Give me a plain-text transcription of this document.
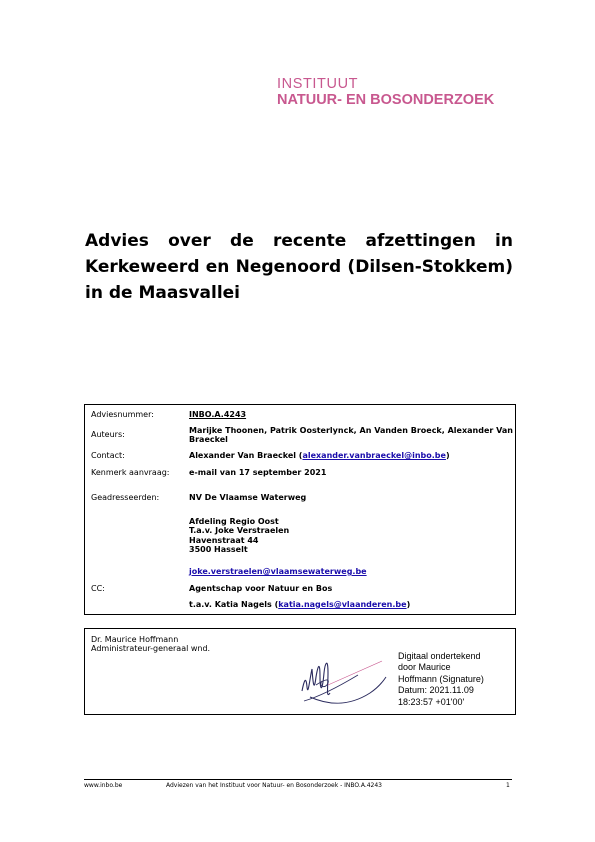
INSTITUUT
NATUUR- EN BOSONDERZOEK
Advies over de recente afzettingen in Kerkeweerd en Negenoord (Dilsen-Stokkem) in de Maasvallei
Adviesnummer:	INBO.A.4243
Auteurs:	Marijke Thoonen, Patrik Oosterlynck, An Vanden Broeck, Alexander Van Braeckel
Contact:	Alexander Van Braeckel (alexander.vanbraeckel@inbo.be)
Kenmerk aanvraag:	e-mail van 17 september 2021
Geadresseerden:	NV De Vlaamse Waterweg
Afdeling Regio Oost
T.a.v. Joke Verstraelen
Havenstraat 44
3500 Hasselt
joke.verstraelen@vlaamsewaterweg.be
CC:	Agentschap voor Natuur en Bos
t.a.v. Katia Nagels (katia.nagels@vlaanderen.be)
Dr. Maurice Hoffmann
Administrateur-generaal wnd.
Digitaal ondertekend
door Maurice
Hoffmann (Signature)
Datum: 2021.11.09
18:23:57 +01'00'
www.inbo.be	Adviezen van het Instituut voor Natuur- en Bosonderzoek - INBO.A.4243	1
